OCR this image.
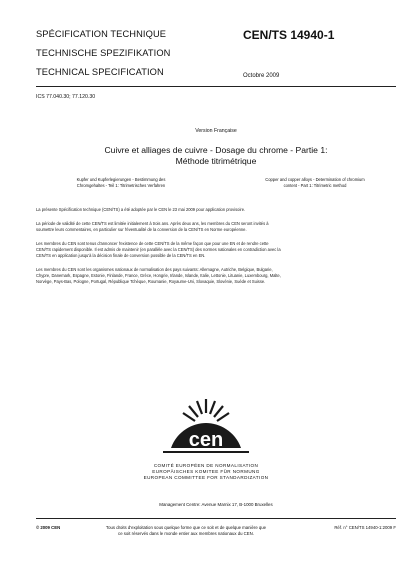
SPÉCIFICATION TECHNIQUE
TECHNISCHE SPEZIFIKATION
TECHNICAL SPECIFICATION
CEN/TS 14940-1
Octobre 2009
ICS 77.040.30; 77.120.30
Version Française
Cuivre et alliages de cuivre - Dosage du chrome - Partie 1:
Méthode titrimétrique
Kupfer und Kupferlegierungen - Bestimmung des
Chromgehaltes - Teil 1: Titrimetrisches Verfahren
Copper and copper alloys - Determination of chromium
content - Part 1: Titrimetric method
La présente Spécification technique (CEN/TS) a été adoptée par le CEN le 23 mai 2009 pour application provisoire.
La période de validité de cette CEN/TS est limitée initialement à trois ans. Après deux ans, les membres du CEN seront invités à
soumettre leurs commentaires, en particulier sur l'éventualité de la conversion de la CEN/TS en Norme européenne.
Les membres du CEN sont tenus d'annoncer l'existence de cette CEN/TS de la même façon que pour une EN et de rendre cette
CEN/TS rapidement disponible. Il est admis de maintenir (en parallèle avec la CEN/TS) des normes nationales en contradiction avec la
CEN/TS en application jusqu'à la décision finale de conversion possible de la CEN/TS en EN.
Les membres du CEN sont les organismes nationaux de normalisation des pays suivants: Allemagne, Autriche, Belgique, Bulgarie,
Chypre, Danemark, Espagne, Estonie, Finlande, France, Grèce, Hongrie, Irlande, Islande, Italie, Lettonie, Lituanie, Luxembourg, Malte,
Norvège, Pays-Bas, Pologne, Portugal, République Tchèque, Roumanie, Royaume-Uni, Slovaquie, Slovénie, Suède et Suisse.
cen
COMITÉ EUROPÉEN DE NORMALISATION
EUROPÄISCHES KOMITEE FÜR NORMUNG
EUROPEAN COMMITTEE FOR STANDARDIZATION
Management Centre: Avenue Marnix 17, B-1000 Bruxelles
© 2009 CEN	Tous droits d'exploitation sous quelque forme que ce soit et de quelque manière que
ce soit réservés dans le monde entier aux membres nationaux du CEN.
Réf. n° CEN/TS 14940-1:2009 F
